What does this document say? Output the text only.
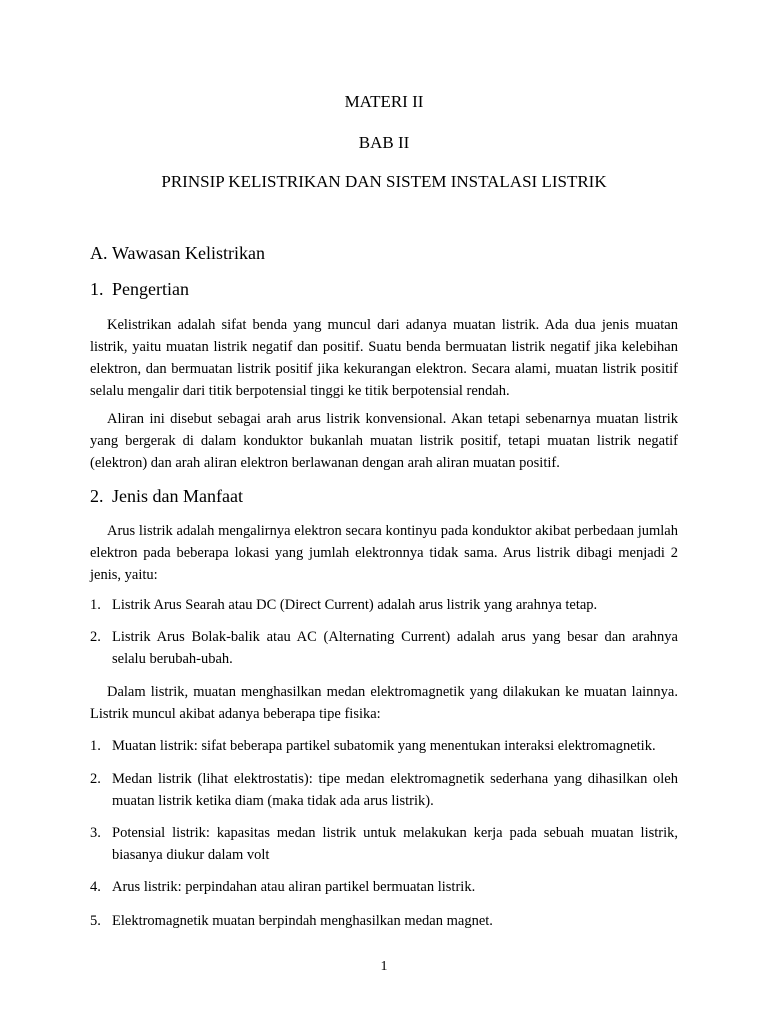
MATERI II
BAB II
PRINSIP KELISTRIKAN DAN SISTEM INSTALASI LISTRIK
A. Wawasan Kelistrikan
1. Pengertian

Kelistrikan adalah sifat benda yang muncul dari adanya muatan listrik. Ada dua jenis muatan listrik, yaitu muatan listrik negatif dan positif. Suatu benda bermuatan listrik negatif jika kelebihan elektron, dan bermuatan listrik positif jika kekurangan elektron. Secara alami, muatan listrik positif selalu mengalir dari titik berpotensial tinggi ke titik berpotensial rendah.

Aliran ini disebut sebagai arah arus listrik konvensional. Akan tetapi sebenarnya muatan listrik yang bergerak di dalam konduktor bukanlah muatan listrik positif, tetapi muatan listrik negatif (elektron) dan arah aliran elektron berlawanan dengan arah aliran muatan positif.

2. Jenis dan Manfaat

Arus listrik adalah mengalirnya elektron secara kontinyu pada konduktor akibat perbedaan jumlah elektron pada beberapa lokasi yang jumlah elektronnya tidak sama. Arus listrik dibagi menjadi 2 jenis, yaitu:

1. Listrik Arus Searah atau DC (Direct Current) adalah arus listrik yang arahnya tetap.
2. Listrik Arus Bolak-balik atau AC (Alternating Current) adalah arus yang besar dan arahnya selalu berubah-ubah.

Dalam listrik, muatan menghasilkan medan elektromagnetik yang dilakukan ke muatan lainnya. Listrik muncul akibat adanya beberapa tipe fisika:

1. Muatan listrik: sifat beberapa partikel subatomik yang menentukan interaksi elektromagnetik.
2. Medan listrik (lihat elektrostatis): tipe medan elektromagnetik sederhana yang dihasilkan oleh muatan listrik ketika diam (maka tidak ada arus listrik).
3. Potensial listrik: kapasitas medan listrik untuk melakukan kerja pada sebuah muatan listrik, biasanya diukur dalam volt
4. Arus listrik: perpindahan atau aliran partikel bermuatan listrik.
5. Elektromagnetik muatan berpindah menghasilkan medan magnet.
1
